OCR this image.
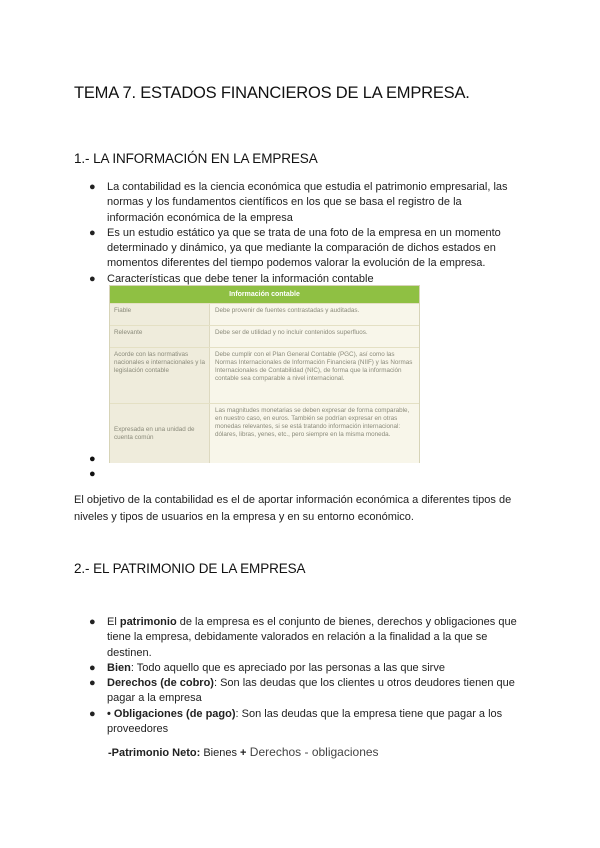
TEMA 7. ESTADOS FINANCIEROS DE LA EMPRESA.
1.- LA INFORMACIÓN EN LA EMPRESA
● La contabilidad es la ciencia económica que estudia el patrimonio empresarial, las normas y los fundamentos científicos en los que se basa el registro de la información económica de la empresa
● Es un estudio estático ya que se trata de una foto de la empresa en un momento determinado y dinámico, ya que mediante la comparación de dichos estados en momentos diferentes del tiempo podemos valorar la evolución de la empresa.
● Características que debe tener la información contable
Información contable
Fiable	Debe provenir de fuentes contrastadas y auditadas.
Relevante	Debe ser de utilidad y no incluir contenidos superfluos.
Acorde con las normativas nacionales e internacionales y la legislación contable
Debe cumplir con el Plan General Contable (PGC), así como las Normas Internacionales de Información Financiera (NIIF) y las Normas Internacionales de Contabilidad (NIC), de forma que la información contable sea comparable a nivel internacional.
Expresada en una unidad de cuenta común
Las magnitudes monetarias se deben expresar de forma comparable, en nuestro caso, en euros. También se podrían expresar en otras monedas relevantes, si se está tratando información internacional: dólares, libras, yenes, etc., pero siempre en la misma moneda.
●
●
El objetivo de la contabilidad es el de aportar información económica a diferentes tipos de niveles y tipos de usuarios en la empresa y en su entorno económico.
2.- EL PATRIMONIO DE LA EMPRESA
● El patrimonio de la empresa es el conjunto de bienes, derechos y obligaciones que tiene la empresa, debidamente valorados en relación a la finalidad a la que se destinen.
● Bien: Todo aquello que es apreciado por las personas a las que sirve
● Derechos (de cobro): Son las deudas que los clientes u otros deudores tienen que pagar a la empresa
● • Obligaciones (de pago): Son las deudas que la empresa tiene que pagar a los proveedores
-Patrimonio Neto: Bienes + Derechos - obligaciones
